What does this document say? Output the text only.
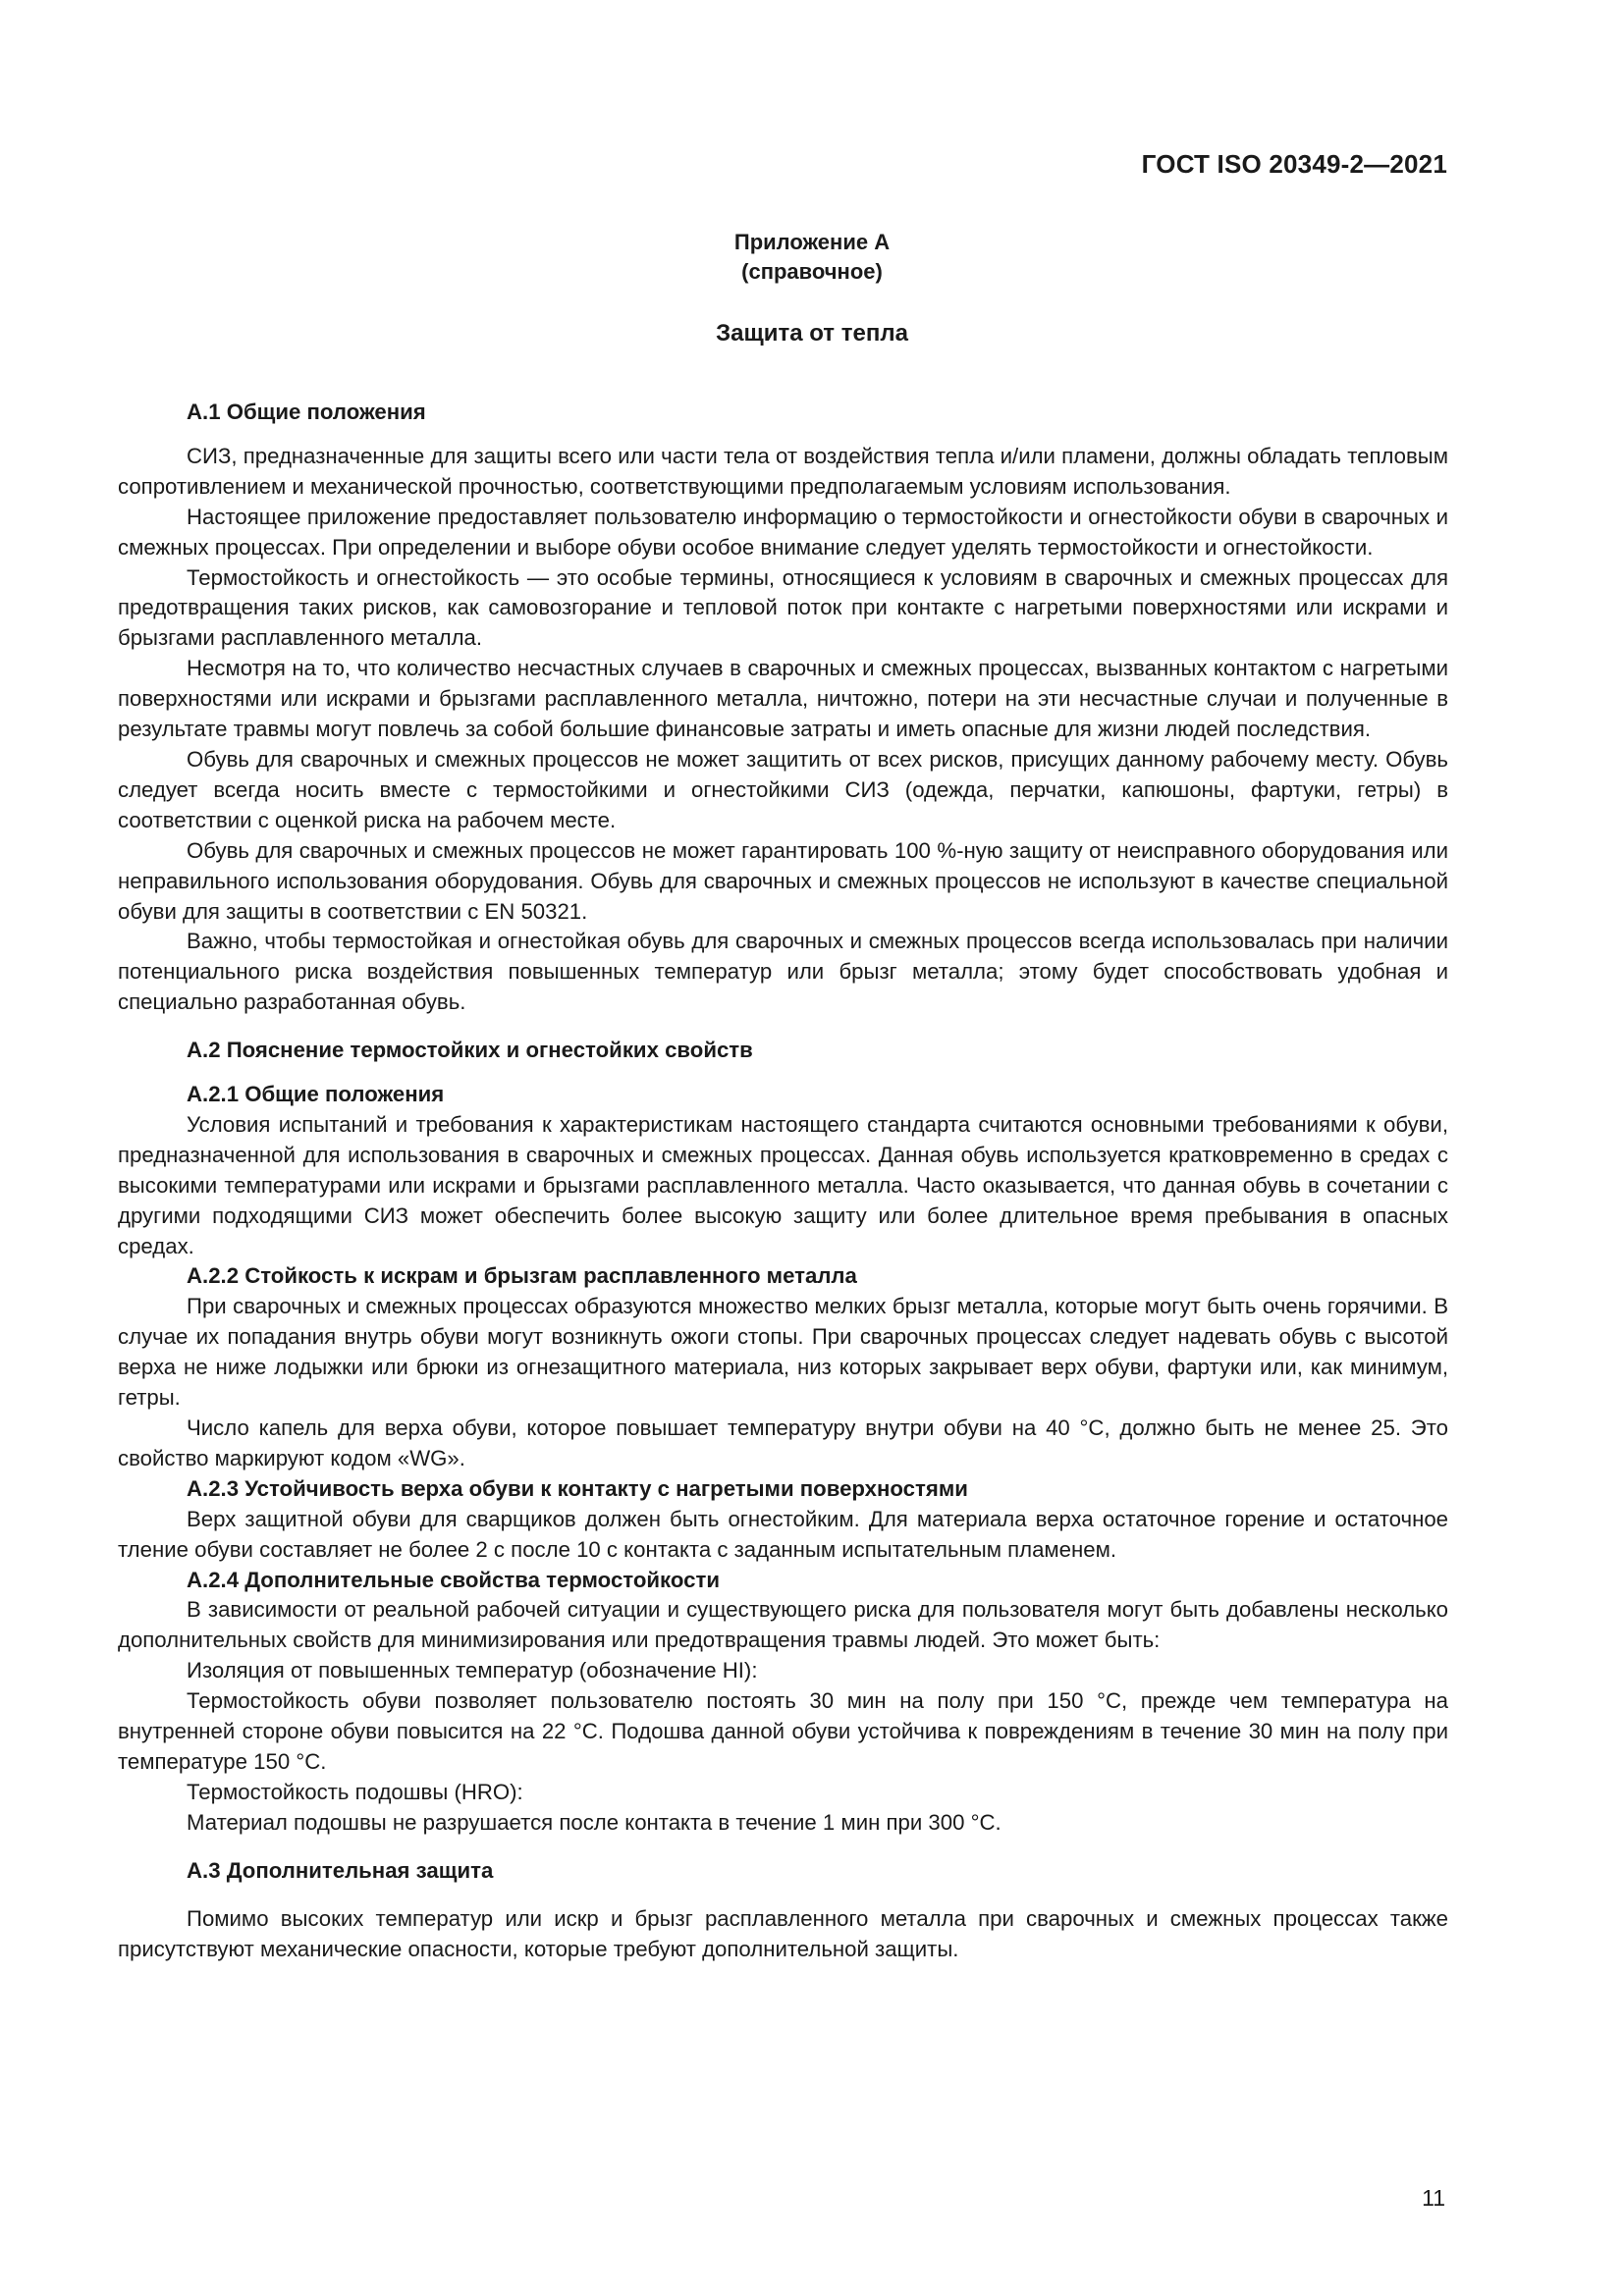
ГОСТ ISO 20349-2—2021
Приложение А
(справочное)
Защита от тепла
А.1 Общие положения

СИЗ, предназначенные для защиты всего или части тела от воздействия тепла и/или пламени, должны обладать тепловым сопротивлением и механической прочностью, соответствующими предполагаемым условиям использования.

Настоящее приложение предоставляет пользователю информацию о термостойкости и огнестойкости обуви в сварочных и смежных процессах. При определении и выборе обуви особое внимание следует уделять термостойкости и огнестойкости.

Термостойкость и огнестойкость — это особые термины, относящиеся к условиям в сварочных и смежных процессах для предотвращения таких рисков, как самовозгорание и тепловой поток при контакте с нагретыми поверхностями или искрами и брызгами расплавленного металла.

Несмотря на то, что количество несчастных случаев в сварочных и смежных процессах, вызванных контактом с нагретыми поверхностями или искрами и брызгами расплавленного металла, ничтожно, потери на эти несчастные случаи и полученные в результате травмы могут повлечь за собой большие финансовые затраты и иметь опасные для жизни людей последствия.

Обувь для сварочных и смежных процессов не может защитить от всех рисков, присущих данному рабочему месту. Обувь следует всегда носить вместе с термостойкими и огнестойкими СИЗ (одежда, перчатки, капюшоны, фартуки, гетры) в соответствии с оценкой риска на рабочем месте.

Обувь для сварочных и смежных процессов не может гарантировать 100 %-ную защиту от неисправного оборудования или неправильного использования оборудования. Обувь для сварочных и смежных процессов не используют в качестве специальной обуви для защиты в соответствии с EN 50321.

Важно, чтобы термостойкая и огнестойкая обувь для сварочных и смежных процессов всегда использовалась при наличии потенциального риска воздействия повышенных температур или брызг металла; этому будет способствовать удобная и специально разработанная обувь.

А.2 Пояснение термостойких и огнестойких свойств
А.2.1 Общие положения

Условия испытаний и требования к характеристикам настоящего стандарта считаются основными требованиями к обуви, предназначенной для использования в сварочных и смежных процессах. Данная обувь используется кратковременно в средах с высокими температурами или искрами и брызгами расплавленного металла. Часто оказывается, что данная обувь в сочетании с другими подходящими СИЗ может обеспечить более высокую защиту или более длительное время пребывания в опасных средах.

А.2.2 Стойкость к искрам и брызгам расплавленного металла

При сварочных и смежных процессах образуются множество мелких брызг металла, которые могут быть очень горячими. В случае их попадания внутрь обуви могут возникнуть ожоги стопы. При сварочных процессах следует надевать обувь с высотой верха не ниже лодыжки или брюки из огнезащитного материала, низ которых закрывает верх обуви, фартуки или, как минимум, гетры.

Число капель для верха обуви, которое повышает температуру внутри обуви на 40 °С, должно быть не менее 25. Это свойство маркируют кодом «WG».

А.2.3 Устойчивость верха обуви к контакту с нагретыми поверхностями

Верх защитной обуви для сварщиков должен быть огнестойким. Для материала верха остаточное горение и остаточное тление обуви составляет не более 2 с после 10 с контакта с заданным испытательным пламенем.

А.2.4 Дополнительные свойства термостойкости

В зависимости от реальной рабочей ситуации и существующего риска для пользователя могут быть добавлены несколько дополнительных свойств для минимизирования или предотвращения травмы людей. Это может быть:

Изоляция от повышенных температур (обозначение HI):

Термостойкость обуви позволяет пользователю постоять 30 мин на полу при 150 °С, прежде чем температура на внутренней стороне обуви повысится на 22 °С. Подошва данной обуви устойчива к повреждениям в течение 30 мин на полу при температуре 150 °С.

Термостойкость подошвы (HRO):

Материал подошвы не разрушается после контакта в течение 1 мин при 300 °С.

А.3 Дополнительная защита

Помимо высоких температур или искр и брызг расплавленного металла при сварочных и смежных процессах также присутствуют механические опасности, которые требуют дополнительной защиты.

11
